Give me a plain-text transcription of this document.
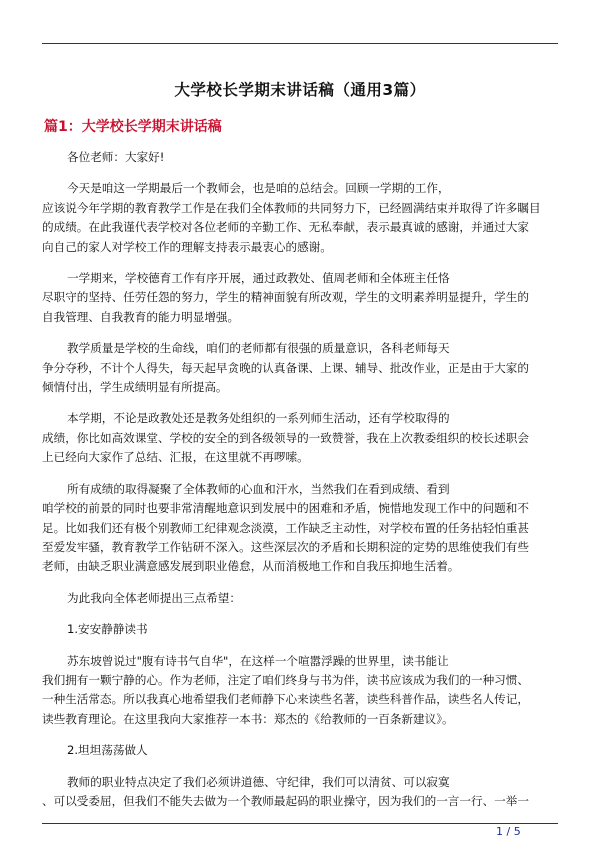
大学校长学期末讲话稿（通用3篇）
篇1：大学校长学期末讲话稿
各位老师：大家好!
今天是咱这一学期最后一个教师会，也是咱的总结会。回顾一学期的工作，
应该说今年学期的教育教学工作是在我们全体教师的共同努力下，已经圆满结束并取得了许多瞩目
的成绩。在此我谨代表学校对各位老师的辛勤工作、无私奉献，表示最真诚的感谢，并通过大家
向自己的家人对学校工作的理解支持表示最衷心的感谢。
一学期来，学校德育工作有序开展，通过政教处、值周老师和全体班主任恪
尽职守的坚持、任劳任怨的努力，学生的精神面貌有所改观，学生的文明素养明显提升，学生的
自我管理、自我教育的能力明显增强。
教学质量是学校的生命线，咱们的老师都有很强的质量意识，各科老师每天
争分夺秒，不计个人得失，每天起早贪晚的认真备课、上课、辅导、批改作业，正是由于大家的
倾情付出，学生成绩明显有所提高。
本学期，不论是政教处还是教务处组织的一系列师生活动，还有学校取得的
成绩，你比如高效课堂、学校的安全的到各级领导的一致赞誉，我在上次教委组织的校长述职会
上已经向大家作了总结、汇报，在这里就不再啰嗦。
所有成绩的取得凝聚了全体教师的心血和汗水，当然我们在看到成绩、看到
咱学校的前景的同时也要非常清醒地意识到发展中的困难和矛盾，惋惜地发现工作中的问题和不
足。比如我们还有极个别教师工纪律观念淡漠，工作缺乏主动性，对学校布置的任务拈轻怕重甚
至爱发牢骚，教育教学工作钻研不深入。这些深层次的矛盾和长期积淀的定势的思维使我们有些
老师，由缺乏职业满意感发展到职业倦怠，从而消极地工作和自我压抑地生活着。
为此我向全体老师提出三点希望：
1.安安静静读书
苏东坡曾说过"腹有诗书气自华"，在这样一个喧嚣浮躁的世界里，读书能让
我们拥有一颗宁静的心。作为老师，注定了咱们终身与书为伴，读书应该成为我们的一种习惯、
一种生活常态。所以我真心地希望我们老师静下心来读些名著，读些科普作品，读些名人传记，
读些教育理论。在这里我向大家推荐一本书：郑杰的《给教师的一百条新建议》。
2.坦坦荡荡做人
教师的职业特点决定了我们必须讲道德、守纪律，我们可以清贫、可以寂寞
、可以受委屈，但我们不能失去做为一个教师最起码的职业操守，因为我们的一言一行、一举一
1 / 5
